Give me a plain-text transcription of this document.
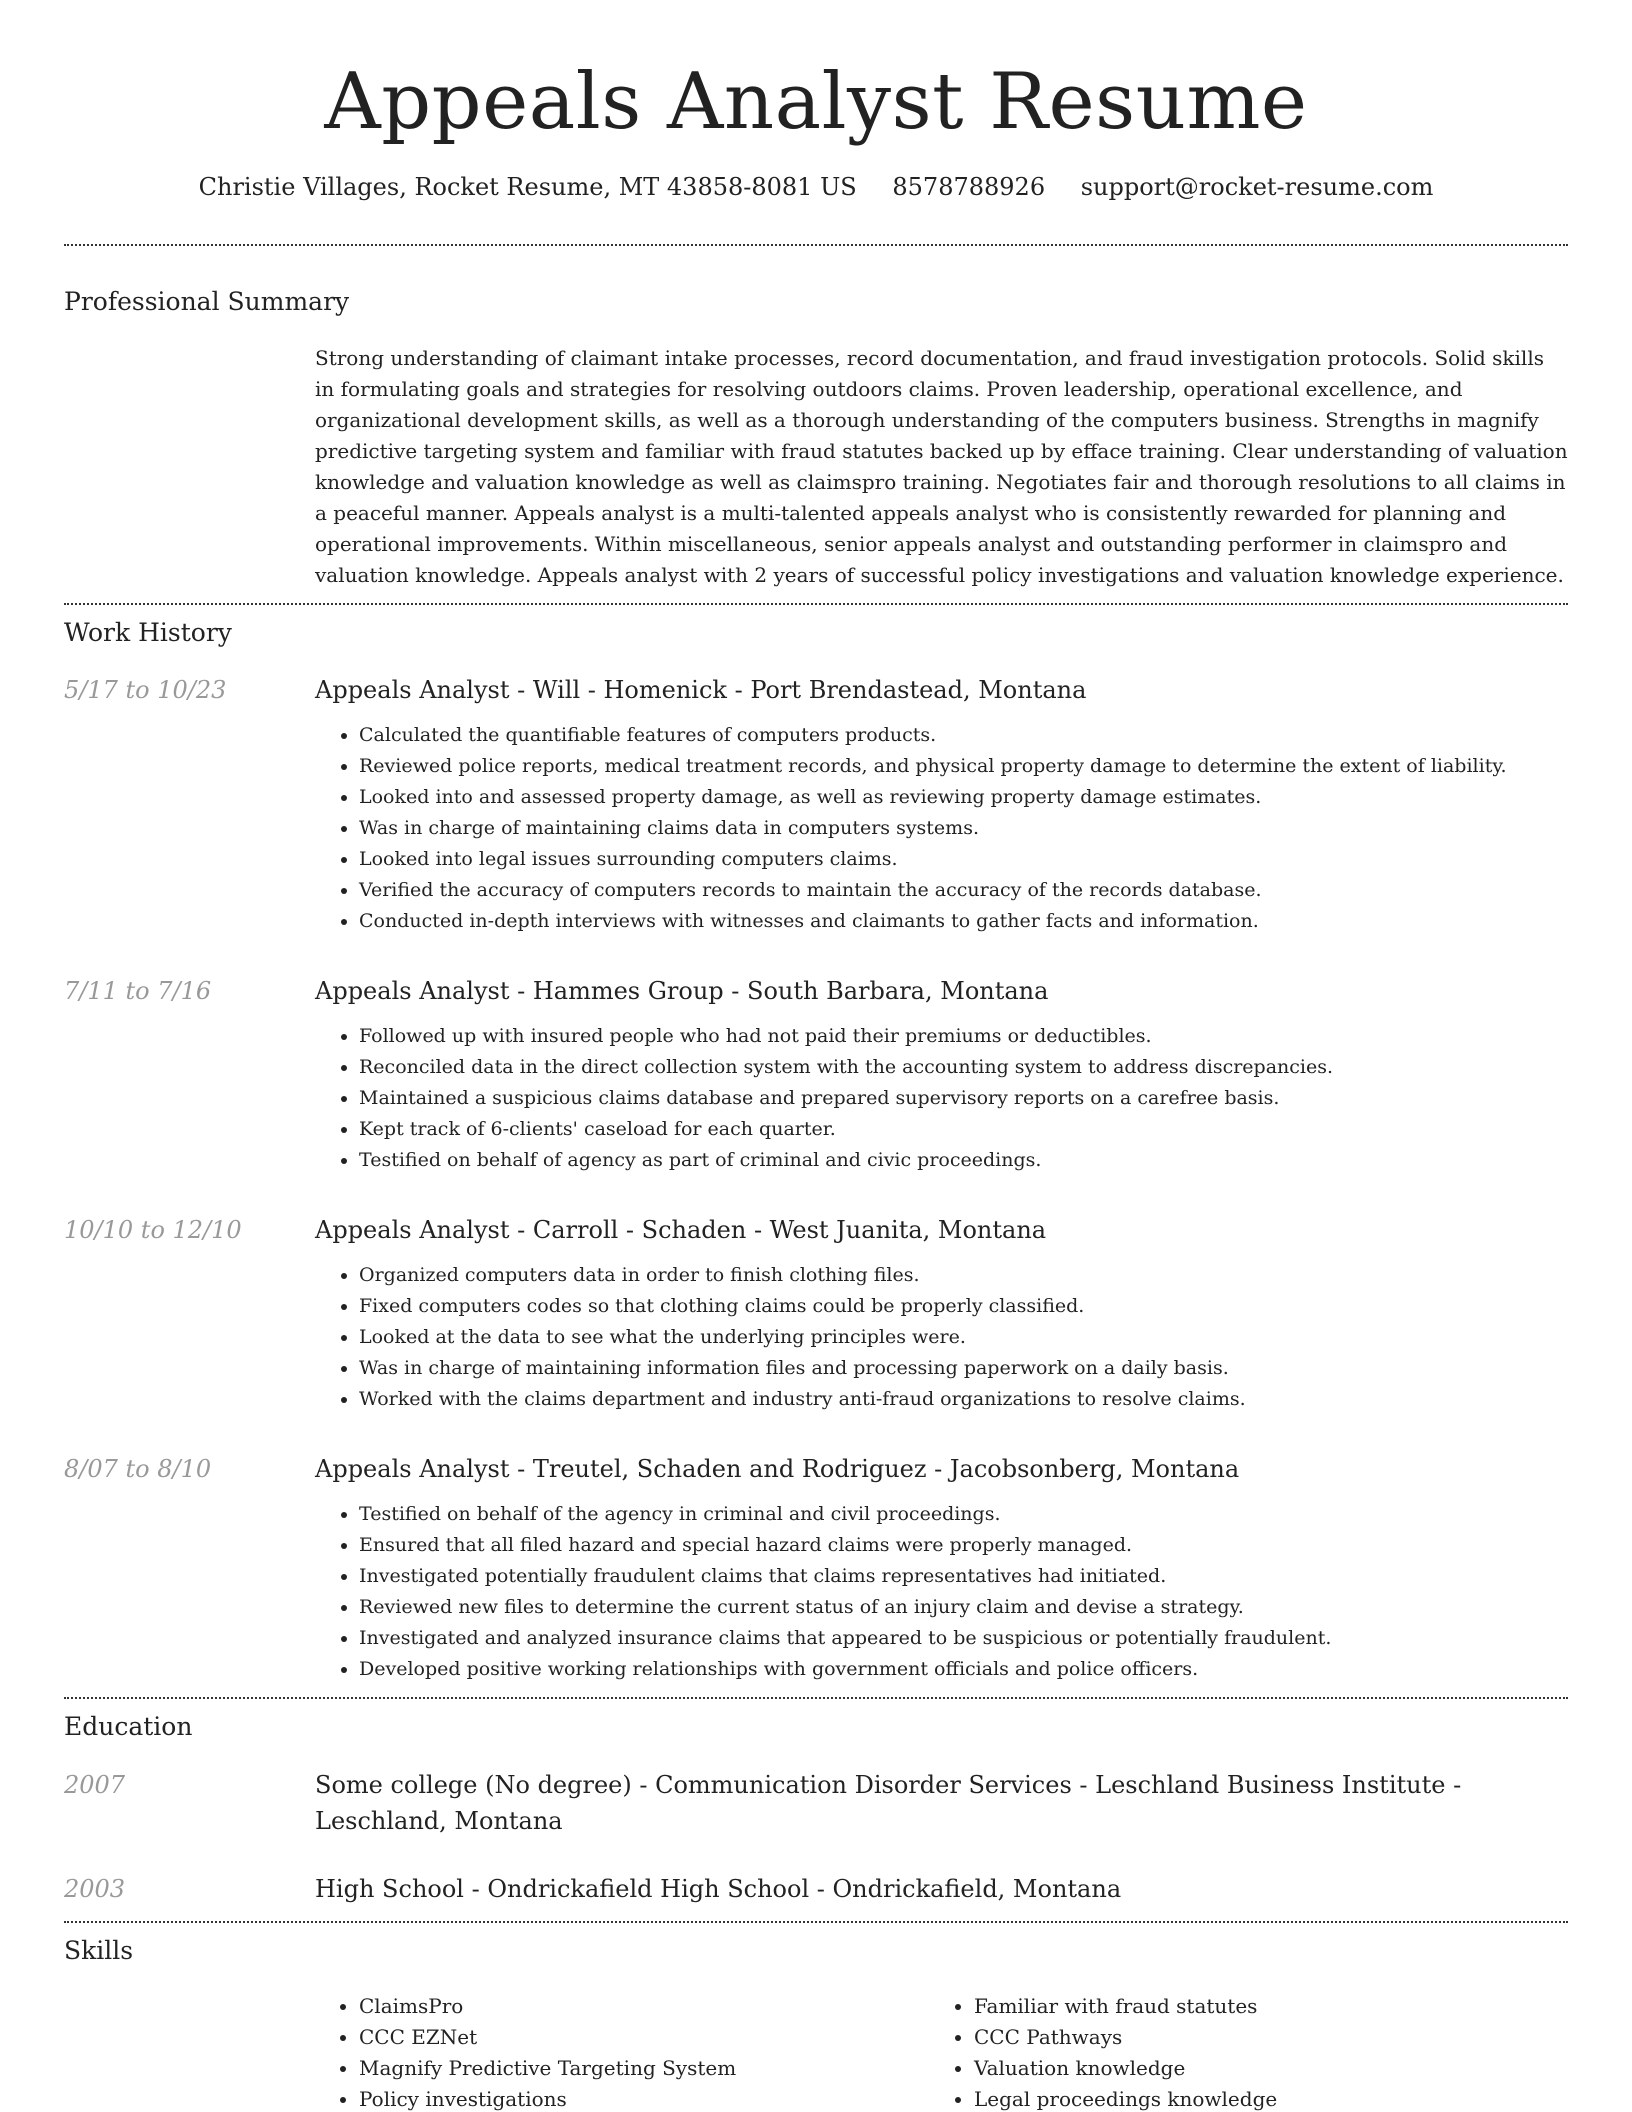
Appeals Analyst Resume
Christie Villages, Rocket Resume, MT 43858-8081 US 8578788926 support@rocket-resume.com
Professional Summary

Strong understanding of claimant intake processes, record documentation, and fraud investigation protocols. Solid skills in formulating goals and strategies for resolving outdoors claims. Proven leadership, operational excellence, and organizational development skills, as well as a thorough understanding of the computers business. Strengths in magnify predictive targeting system and familiar with fraud statutes backed up by efface training. Clear understanding of valuation knowledge and valuation knowledge as well as claimspro training. Negotiates fair and thorough resolutions to all claims in a peaceful manner. Appeals analyst is a multi-talented appeals analyst who is consistently rewarded for planning and operational improvements. Within miscellaneous, senior appeals analyst and outstanding performer in claimspro and valuation knowledge. Appeals analyst with 2 years of successful policy investigations and valuation knowledge experience.

Work History
5/17 to 10/23	Appeals Analyst - Will - Homenick - Port Brendastead, Montana
• Calculated the quantifiable features of computers products.
• Reviewed police reports, medical treatment records, and physical property damage to determine the extent of liability.
• Looked into and assessed property damage, as well as reviewing property damage estimates.
• Was in charge of maintaining claims data in computers systems.
• Looked into legal issues surrounding computers claims.
• Verified the accuracy of computers records to maintain the accuracy of the records database.
• Conducted in-depth interviews with witnesses and claimants to gather facts and information.
7/11 to 7/16	Appeals Analyst - Hammes Group - South Barbara, Montana
• Followed up with insured people who had not paid their premiums or deductibles.
• Reconciled data in the direct collection system with the accounting system to address discrepancies.
• Maintained a suspicious claims database and prepared supervisory reports on a carefree basis.
• Kept track of 6-clients' caseload for each quarter.
• Testified on behalf of agency as part of criminal and civic proceedings.
10/10 to 12/10	Appeals Analyst - Carroll - Schaden - West Juanita, Montana
• Organized computers data in order to finish clothing files.
• Fixed computers codes so that clothing claims could be properly classified.
• Looked at the data to see what the underlying principles were.
• Was in charge of maintaining information files and processing paperwork on a daily basis.
• Worked with the claims department and industry anti-fraud organizations to resolve claims.
8/07 to 8/10	Appeals Analyst - Treutel, Schaden and Rodriguez - Jacobsonberg, Montana
• Testified on behalf of the agency in criminal and civil proceedings.
• Ensured that all filed hazard and special hazard claims were properly managed.
• Investigated potentially fraudulent claims that claims representatives had initiated.
• Reviewed new files to determine the current status of an injury claim and devise a strategy.
• Investigated and analyzed insurance claims that appeared to be suspicious or potentially fraudulent.
• Developed positive working relationships with government officials and police officers.
Education
2007	Some college (No degree) - Communication Disorder Services - Leschland Business Institute - Leschland, Montana
2003	High School - Ondrickafield High School - Ondrickafield, Montana
Skills
• ClaimsPro
• CCC EZNet
• Magnify Predictive Targeting System
• Policy investigations
• Familiar with fraud statutes
• CCC Pathways
• Valuation knowledge
• Legal proceedings knowledge
